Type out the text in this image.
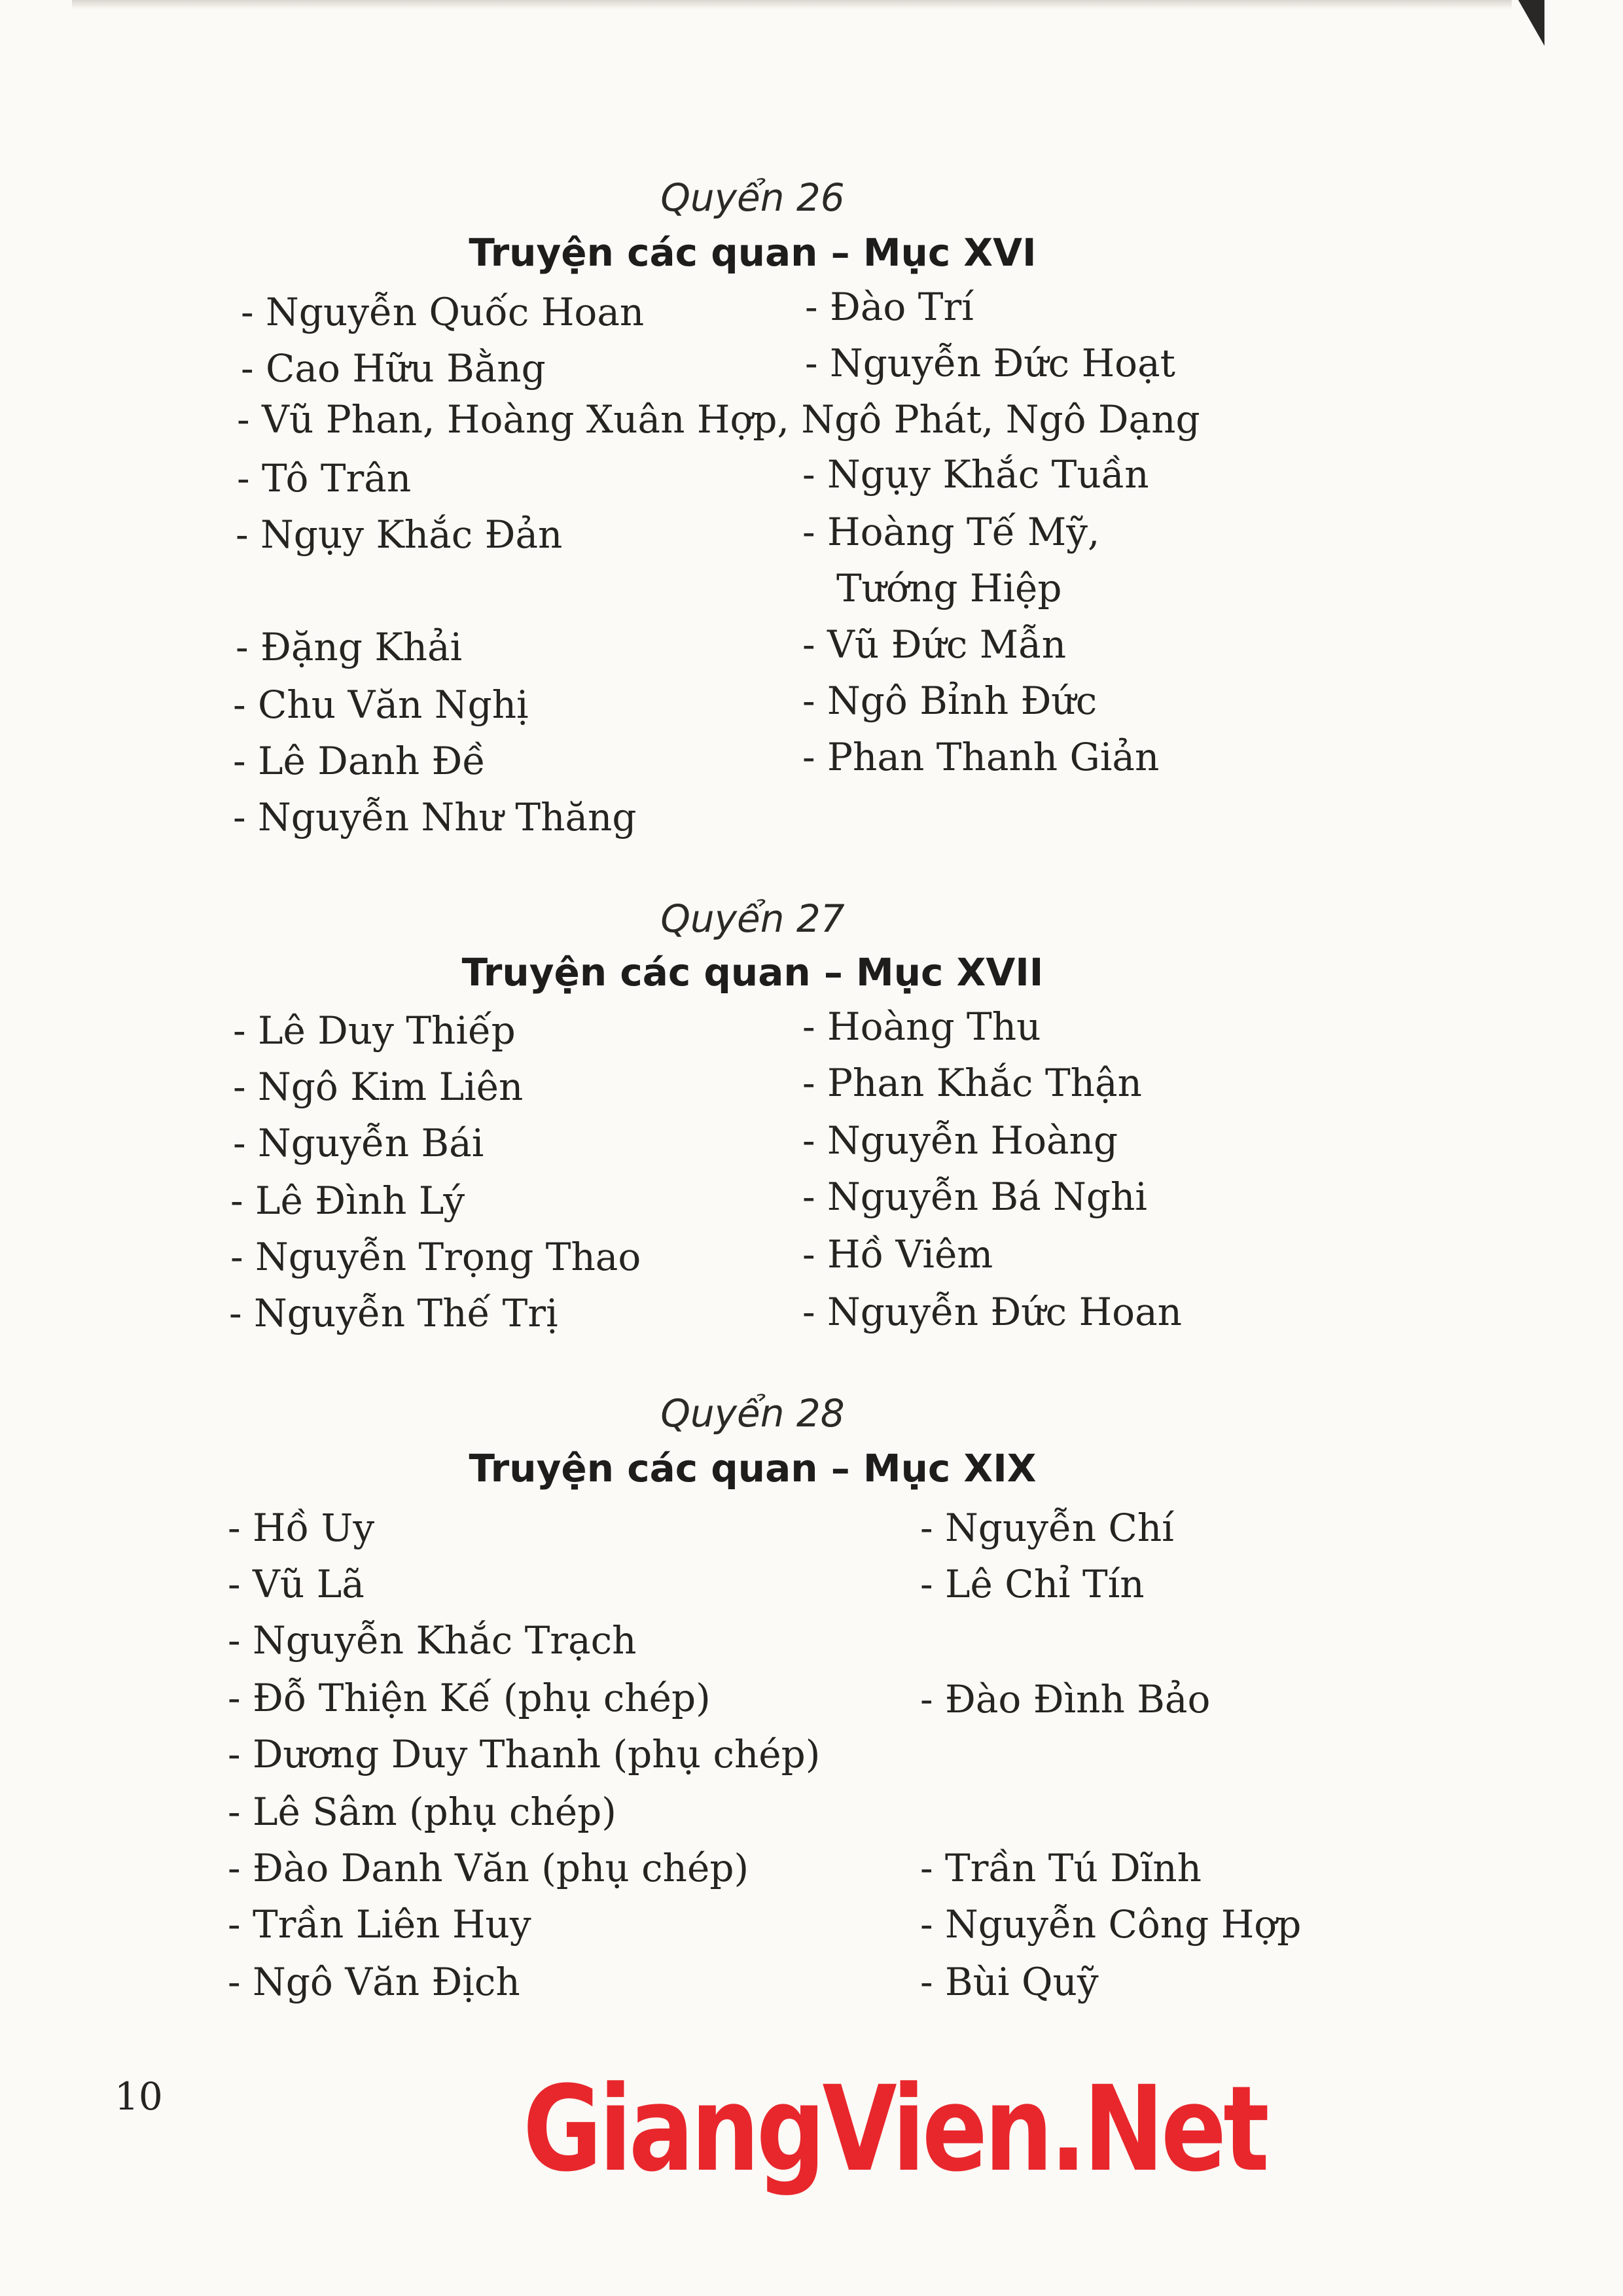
Quyển 26
Truyện các quan – Mục XVI
- Nguyễn Quốc Hoan	- Đào Trí
- Cao Hữu Bằng	- Nguyễn Đức Hoạt
- Vũ Phan, Hoàng Xuân Hợp, Ngô Phát, Ngô Dạng
- Tô Trân	- Ngụy Khắc Tuần
- Ngụy Khắc Đản	- Hoàng Tế Mỹ,
Tướng Hiệp
- Đặng Khải	- Vũ Đức Mẫn
- Chu Văn Nghị	- Ngô Bỉnh Đức
- Lê Danh Đề	- Phan Thanh Giản
- Nguyễn Như Thăng
Quyển 27
Truyện các quan – Mục XVII
- Lê Duy Thiếp	- Hoàng Thu
- Ngô Kim Liên	- Phan Khắc Thận
- Nguyễn Bái	- Nguyễn Hoàng
- Lê Đình Lý	- Nguyễn Bá Nghi
- Nguyễn Trọng Thao	- Hồ Viêm
- Nguyễn Thế Trị	- Nguyễn Đức Hoan
Quyển 28
Truyện các quan – Mục XIX
- Hồ Uy	- Nguyễn Chí
- Vũ Lã	- Lê Chỉ Tín
- Nguyễn Khắc Trạch
- Đỗ Thiện Kế (phụ chép)	- Đào Đình Bảo
- Dương Duy Thanh (phụ chép)
- Lê Sâm (phụ chép)
- Đào Danh Văn (phụ chép)	- Trần Tú Dĩnh
- Trần Liên Huy	- Nguyễn Công Hợp
- Ngô Văn Địch	- Bùi Quỹ
10	GiangVien.Net
